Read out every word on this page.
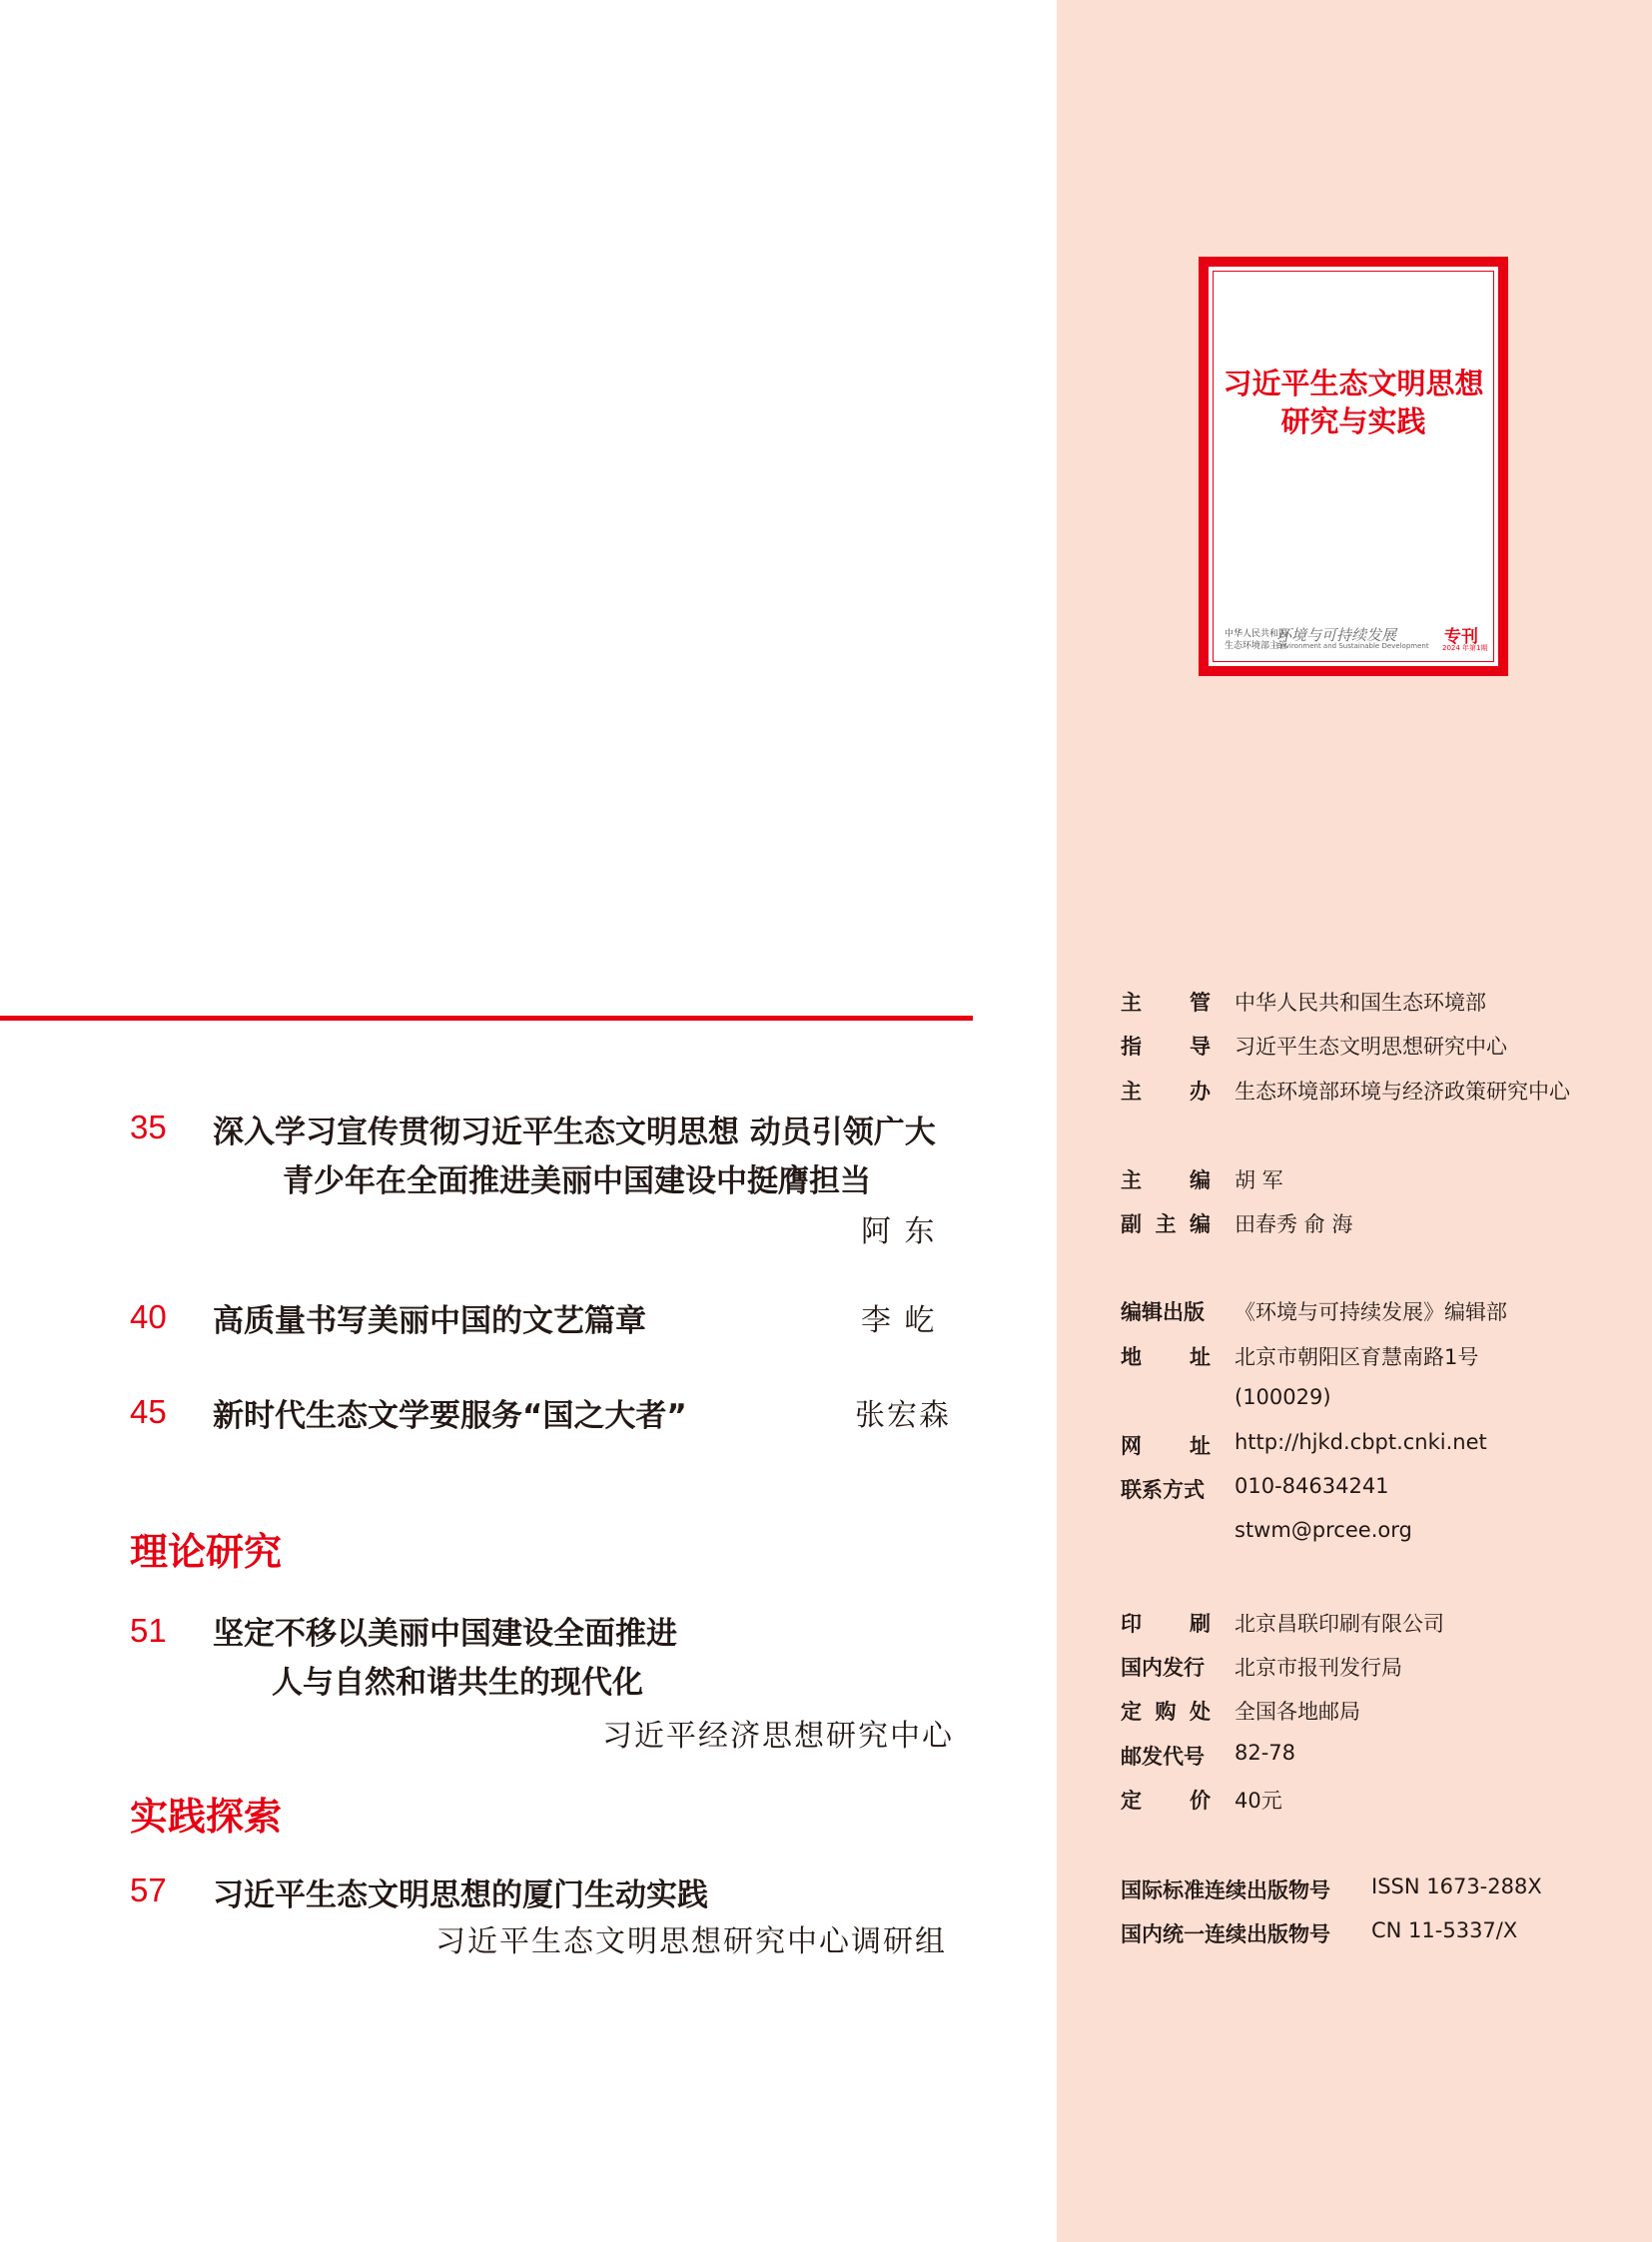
习近平生态文明思想
研究与实践
中华人民共和国
生态环境部主管
环境与可持续发展
Environment and Sustainable Development 专刊
2024 年第1期
35 深入学习宣传贯彻习近平生态文明思想 动员引领广大
青少年在全面推进美丽中国建设中挺膺担当
阿 东
40 高质量书写美丽中国的文艺篇章	李 屹
45 新时代生态文学要服务“国之大者”	张宏森
理论研究
51 坚定不移以美丽中国建设全面推进
人与自然和谐共生的现代化
习近平经济思想研究中心
实践探索
57 习近平生态文明思想的厦门生动实践
习近平生态文明思想研究中心调研组
主 管 中华人民共和国生态环境部
指 导 习近平生态文明思想研究中心
主 办 生态环境部环境与经济政策研究中心
主 编 胡 军
副 主 编 田春秀 俞 海
编辑出版 《环境与可持续发展》编辑部
地 址 北京市朝阳区育慧南路1号
(100029)
网 址 http://hjkd.cbpt.cnki.net
联系方式 010-84634241
stwm@prcee.org
印 刷 北京昌联印刷有限公司
国内发行 北京市报刊发行局
定 购 处 全国各地邮局
邮发代号 82-78
定 价 40元
国际标准连续出版物号 ISSN 1673-288X
国内统一连续出版物号 CN 11-5337/X
